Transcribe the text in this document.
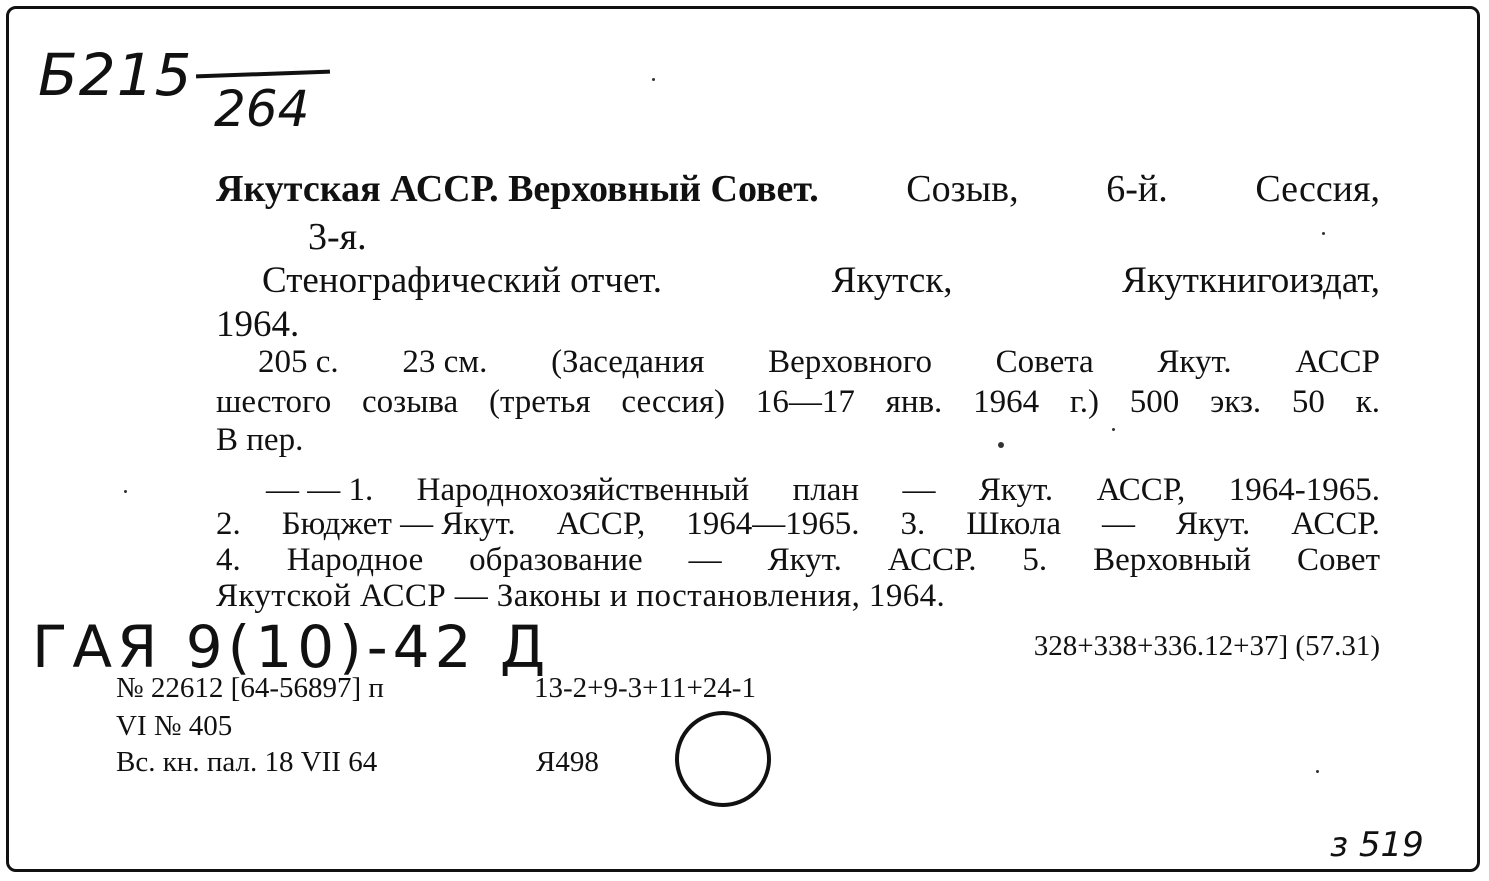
Б215 264
Якутская АССР. Верховный Совет. Созыв, 6-й. Сессия,
3-я.
Стенографический отчет.	Якутск,	Якуткнигоиздат,
1964.
205 с. 23 см. (Заседания Верховного Совета Якут. АССР
шестого созыва (третья сессия) 16—17 янв. 1964 г.) 500 экз. 50 к.
В пер.
— — 1. Народнохозяйственный план — Якут. АССР, 1964-1965.
2. Бюджет — Якут. АССР, 1964—1965. 3. Школа — Якут. АССР.
4. Народное образование — Якут. АССР. 5. Верховный Совет
Якутской АССР — Законы и постановления, 1964.
ГАЯ 9(10)-42 Д	328+338+336.12+37] (57.31)
№ 22612 [64-56897] п	13-2+9-3+11+24-1
VI № 405
Вс. кн. пал. 18 VII 64	Я498
з 519
